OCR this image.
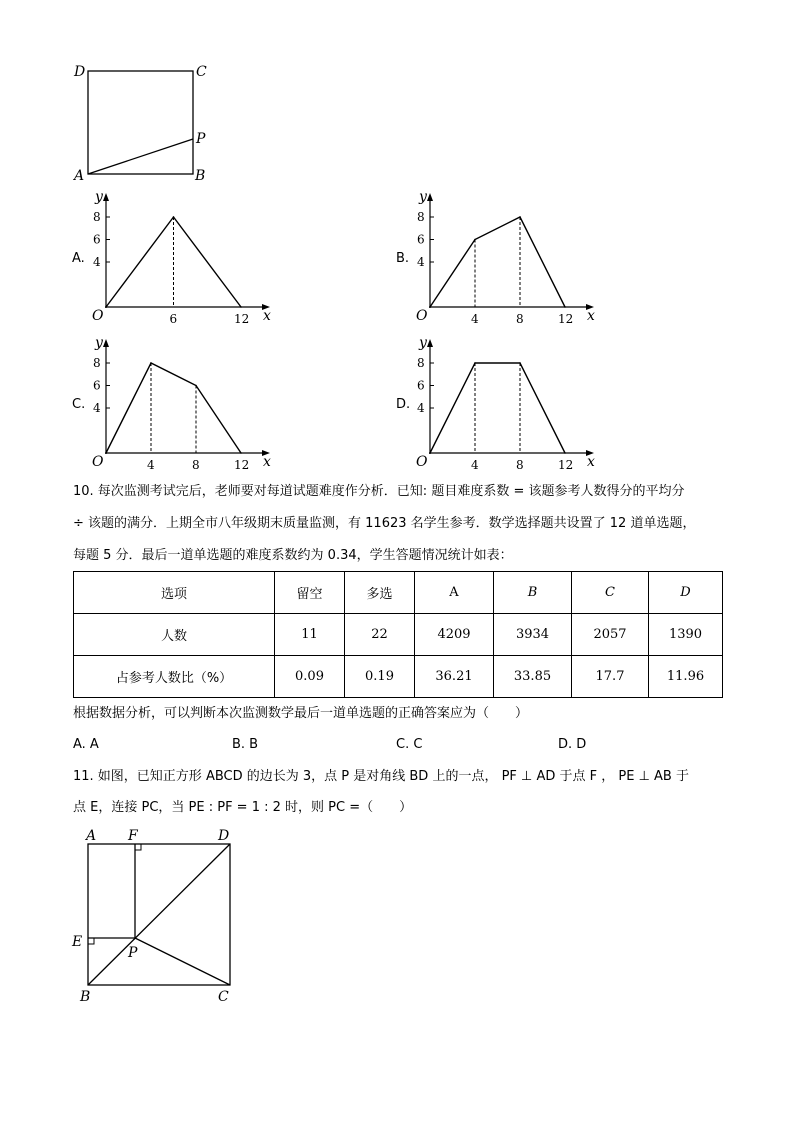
D	C
A	B
P
A.	B.
C.	D.
y
x
O
8
6
4
6	12
y
x
O
8
6
4
4	8	12
y
x
O
8
6
4
4	8	12
y
x
O
8
6
4
4	8	12
10. 每次监测考试完后，老师要对每道试题难度作分析．已知: 题目难度系数 = 该题参考人数得分的平均分
÷ 该题的满分．上期全市八年级期末质量监测，有 11623 名学生参考．数学选择题共设置了 12 道单选题，
每题 5 分．最后一道单选题的难度系数约为 0.34，学生答题情况统计如表：
选项	留空	多选	A	B	C	D
人数	11	22	4209	3934	2057	1390
占参考人数比（%）	0.09	0.19	36.21	33.85	17.7	11.96
根据数据分析，可以判断本次监测数学最后一道单选题的正确答案应为（　　）
A. A	B. B	C. C	D. D
11. 如图，已知正方形 ABCD 的边长为 3，点 P 是对角线 BD 上的一点， PF ⊥ AD 于点 F ， PE ⊥ AB 于
点 E，连接 PC，当 PE : PF = 1 : 2 时，则 PC =（　　）
A F	D
E
P
B	C
